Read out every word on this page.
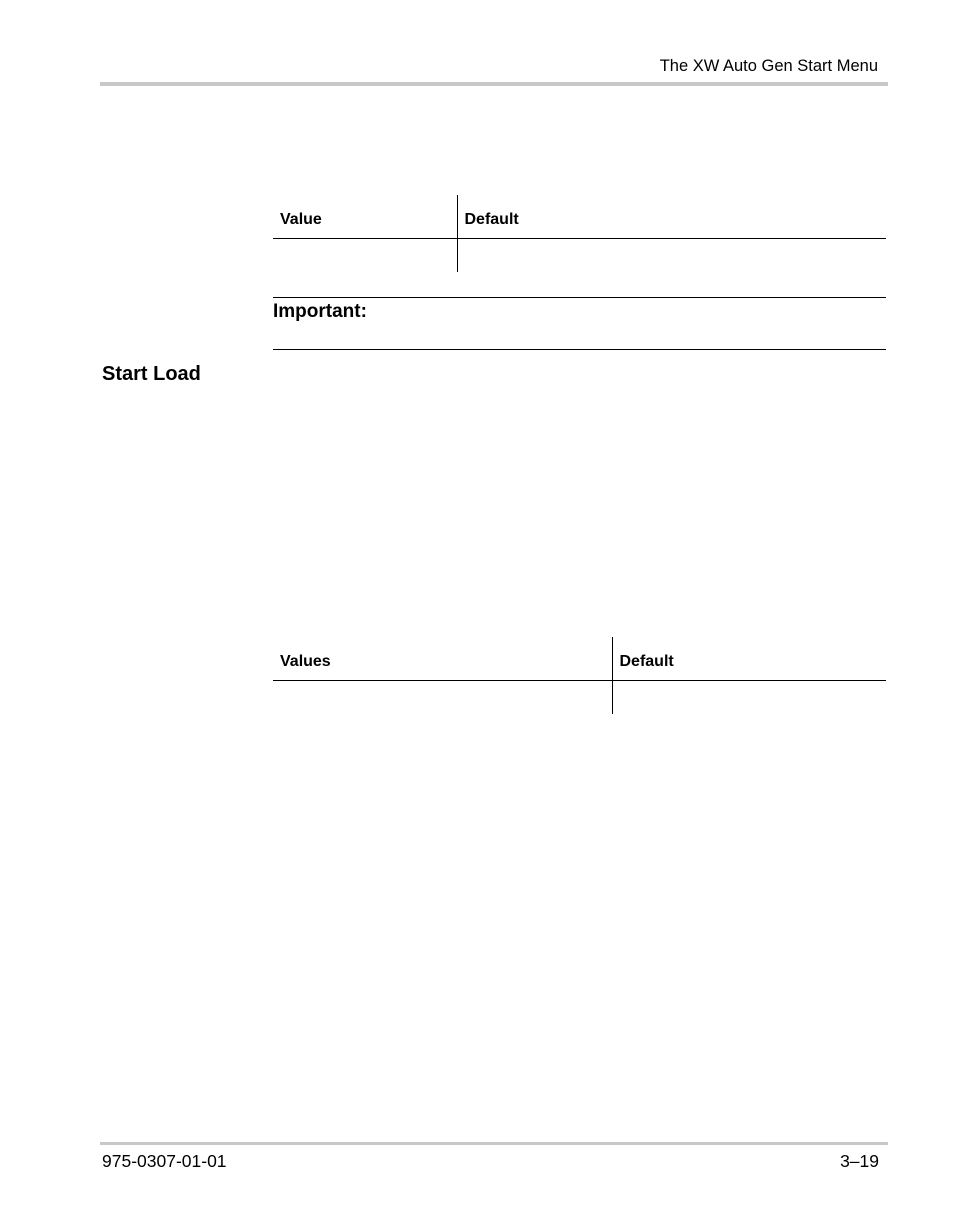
The XW Auto Gen Start Menu
Value	Default

Important:
Start Load
Values	Default

975-0307-01-01	3–19
